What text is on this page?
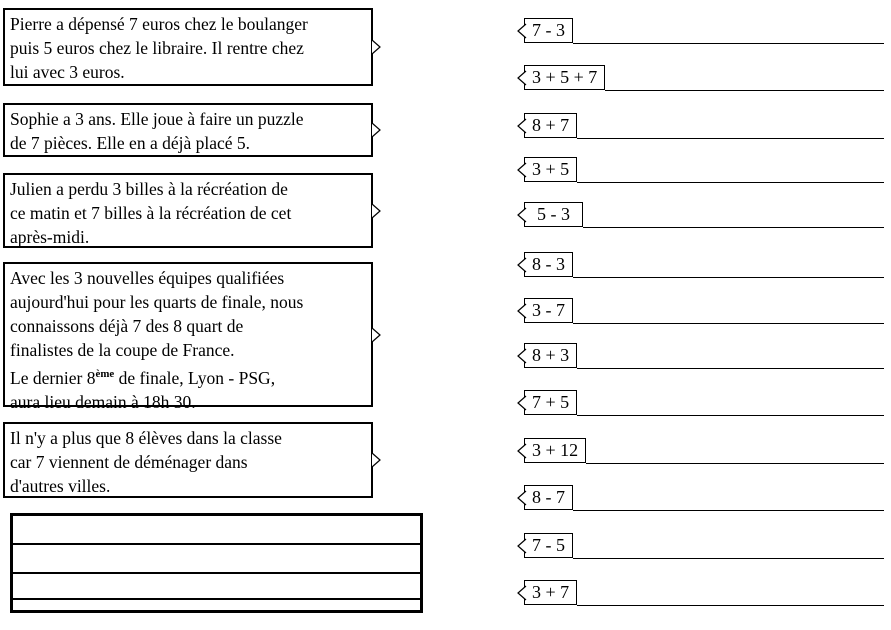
Pierre a dépensé 7 euros chez le boulanger
puis 5 euros chez le libraire. Il rentre chez
lui avec 3 euros.
Sophie a 3 ans. Elle joue à faire un puzzle
de 7 pièces. Elle en a déjà placé 5.
Julien a perdu 3 billes à la récréation de
ce matin et 7 billes à la récréation de cet
après-midi.
Avec les 3 nouvelles équipes qualifiées
aujourd'hui pour les quarts de finale, nous
connaissons déjà 7 des 8 quart de
finalistes de la coupe de France.
Le dernier 8ème de finale, Lyon - PSG,
aura lieu demain à 18h 30.
Il n'y a plus que 8 élèves dans la classe
car 7 viennent de déménager dans
d'autres villes.
7 - 3
3 + 5 + 7
8 + 7
3 + 5
5 - 3
8 - 3
3 - 7
8 + 3
7 + 5
3 + 12
8 - 7
7 - 5
3 + 7
